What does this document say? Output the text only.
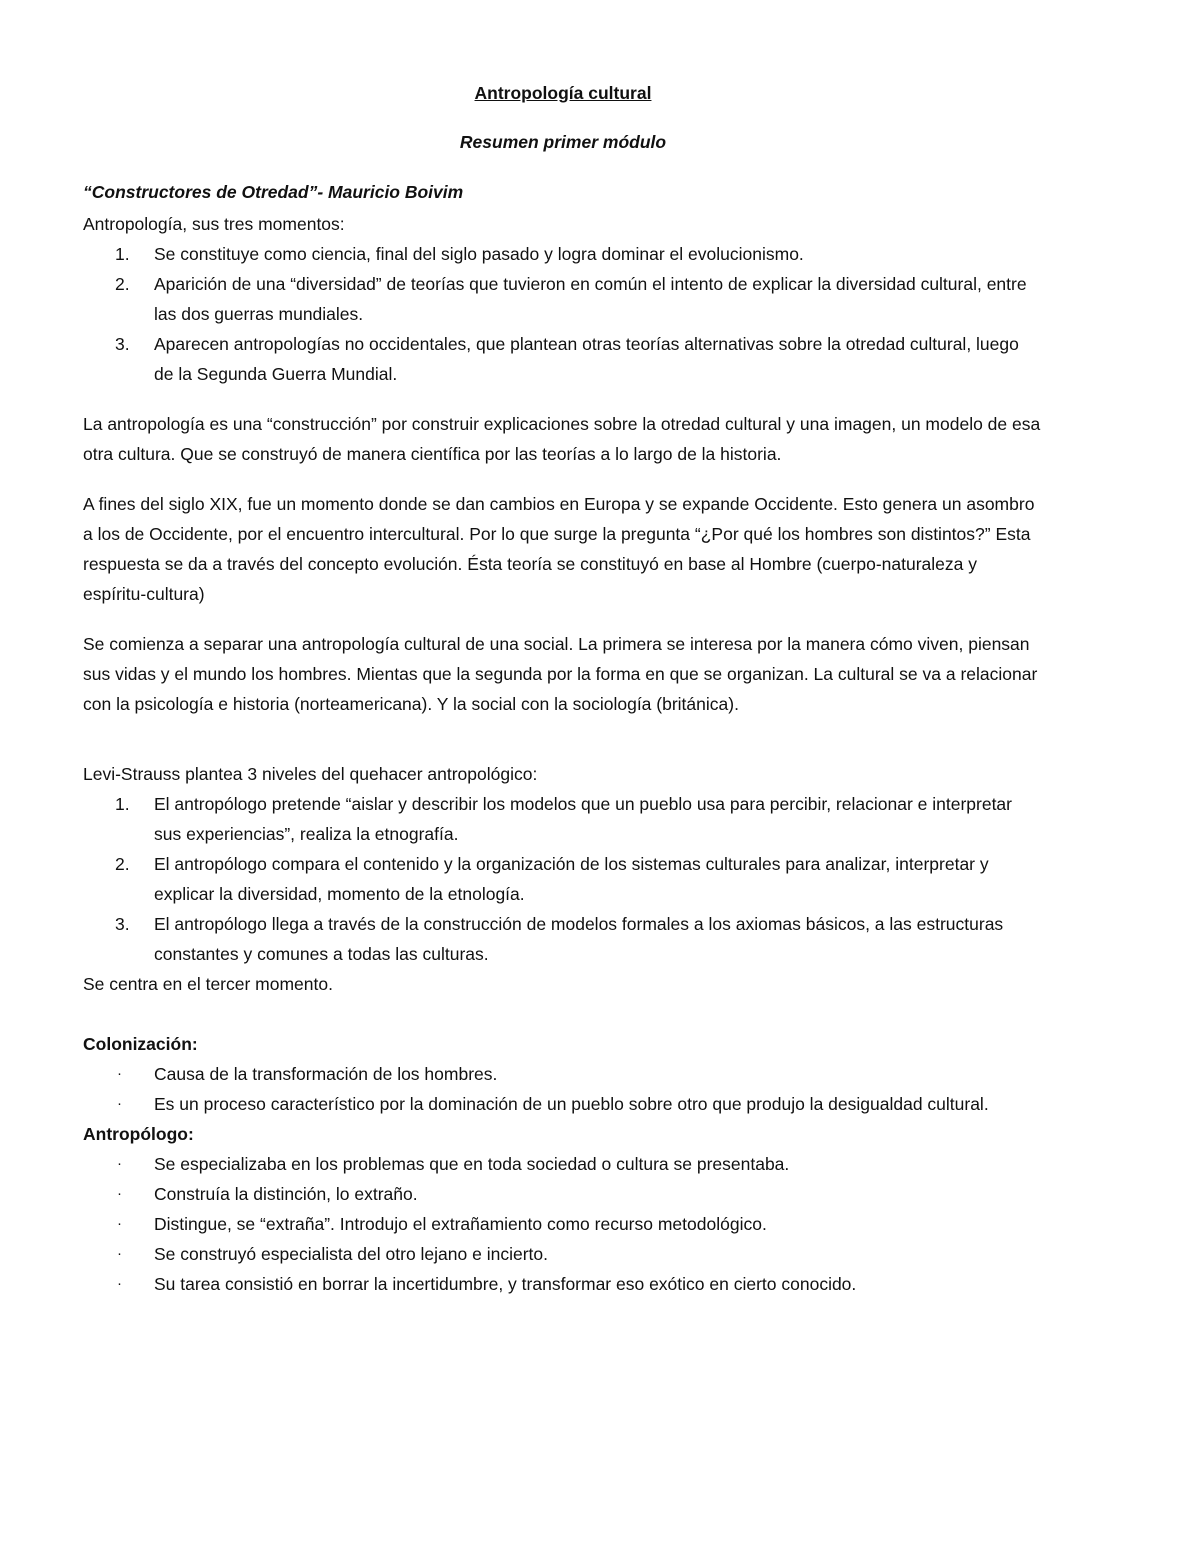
Antropología cultural

Resumen primer módulo

“Constructores de Otredad”- Mauricio Boivim

Antropología, sus tres momentos:

1. Se constituye como ciencia, final del siglo pasado y logra dominar el evolucionismo.
2. Aparición de una “diversidad” de teorías que tuvieron en común el intento de explicar la diversidad cultural, entre las dos guerras mundiales.
3. Aparecen antropologías no occidentales, que plantean otras teorías alternativas sobre la otredad cultural, luego de la Segunda Guerra Mundial.

La antropología es una “construcción” por construir explicaciones sobre la otredad cultural y una imagen, un modelo de esa otra cultura. Que se construyó de manera científica por las teorías a lo largo de la historia.

A fines del siglo XIX, fue un momento donde se dan cambios en Europa y se expande Occidente. Esto genera un asombro a los de Occidente, por el encuentro intercultural. Por lo que surge la pregunta “¿Por qué los hombres son distintos?” Esta respuesta se da a través del concepto evolución. Ésta teoría se constituyó en base al Hombre (cuerpo-naturaleza y espíritu-cultura)

Se comienza a separar una antropología cultural de una social. La primera se interesa por la manera cómo viven, piensan sus vidas y el mundo los hombres. Mientas que la segunda por la forma en que se organizan. La cultural se va a relacionar con la psicología e historia (norteamericana). Y la social con la sociología (británica).

Levi-Strauss plantea 3 niveles del quehacer antropológico:

1. El antropólogo pretende “aislar y describir los modelos que un pueblo usa para percibir, relacionar e interpretar sus experiencias”, realiza la etnografía.
2. El antropólogo compara el contenido y la organización de los sistemas culturales para analizar, interpretar y explicar la diversidad, momento de la etnología.
3. El antropólogo llega a través de la construcción de modelos formales a los axiomas básicos, a las estructuras constantes y comunes a todas las culturas.

Se centra en el tercer momento.

Colonización:

· Causa de la transformación de los hombres.
· Es un proceso característico por la dominación de un pueblo sobre otro que produjo la desigualdad cultural.

Antropólogo:

· Se especializaba en los problemas que en toda sociedad o cultura se presentaba.
· Construía la distinción, lo extraño.
· Distingue, se “extraña”. Introdujo el extrañamiento como recurso metodológico.
· Se construyó especialista del otro lejano e incierto.
· Su tarea consistió en borrar la incertidumbre, y transformar eso exótico en cierto conocido.
